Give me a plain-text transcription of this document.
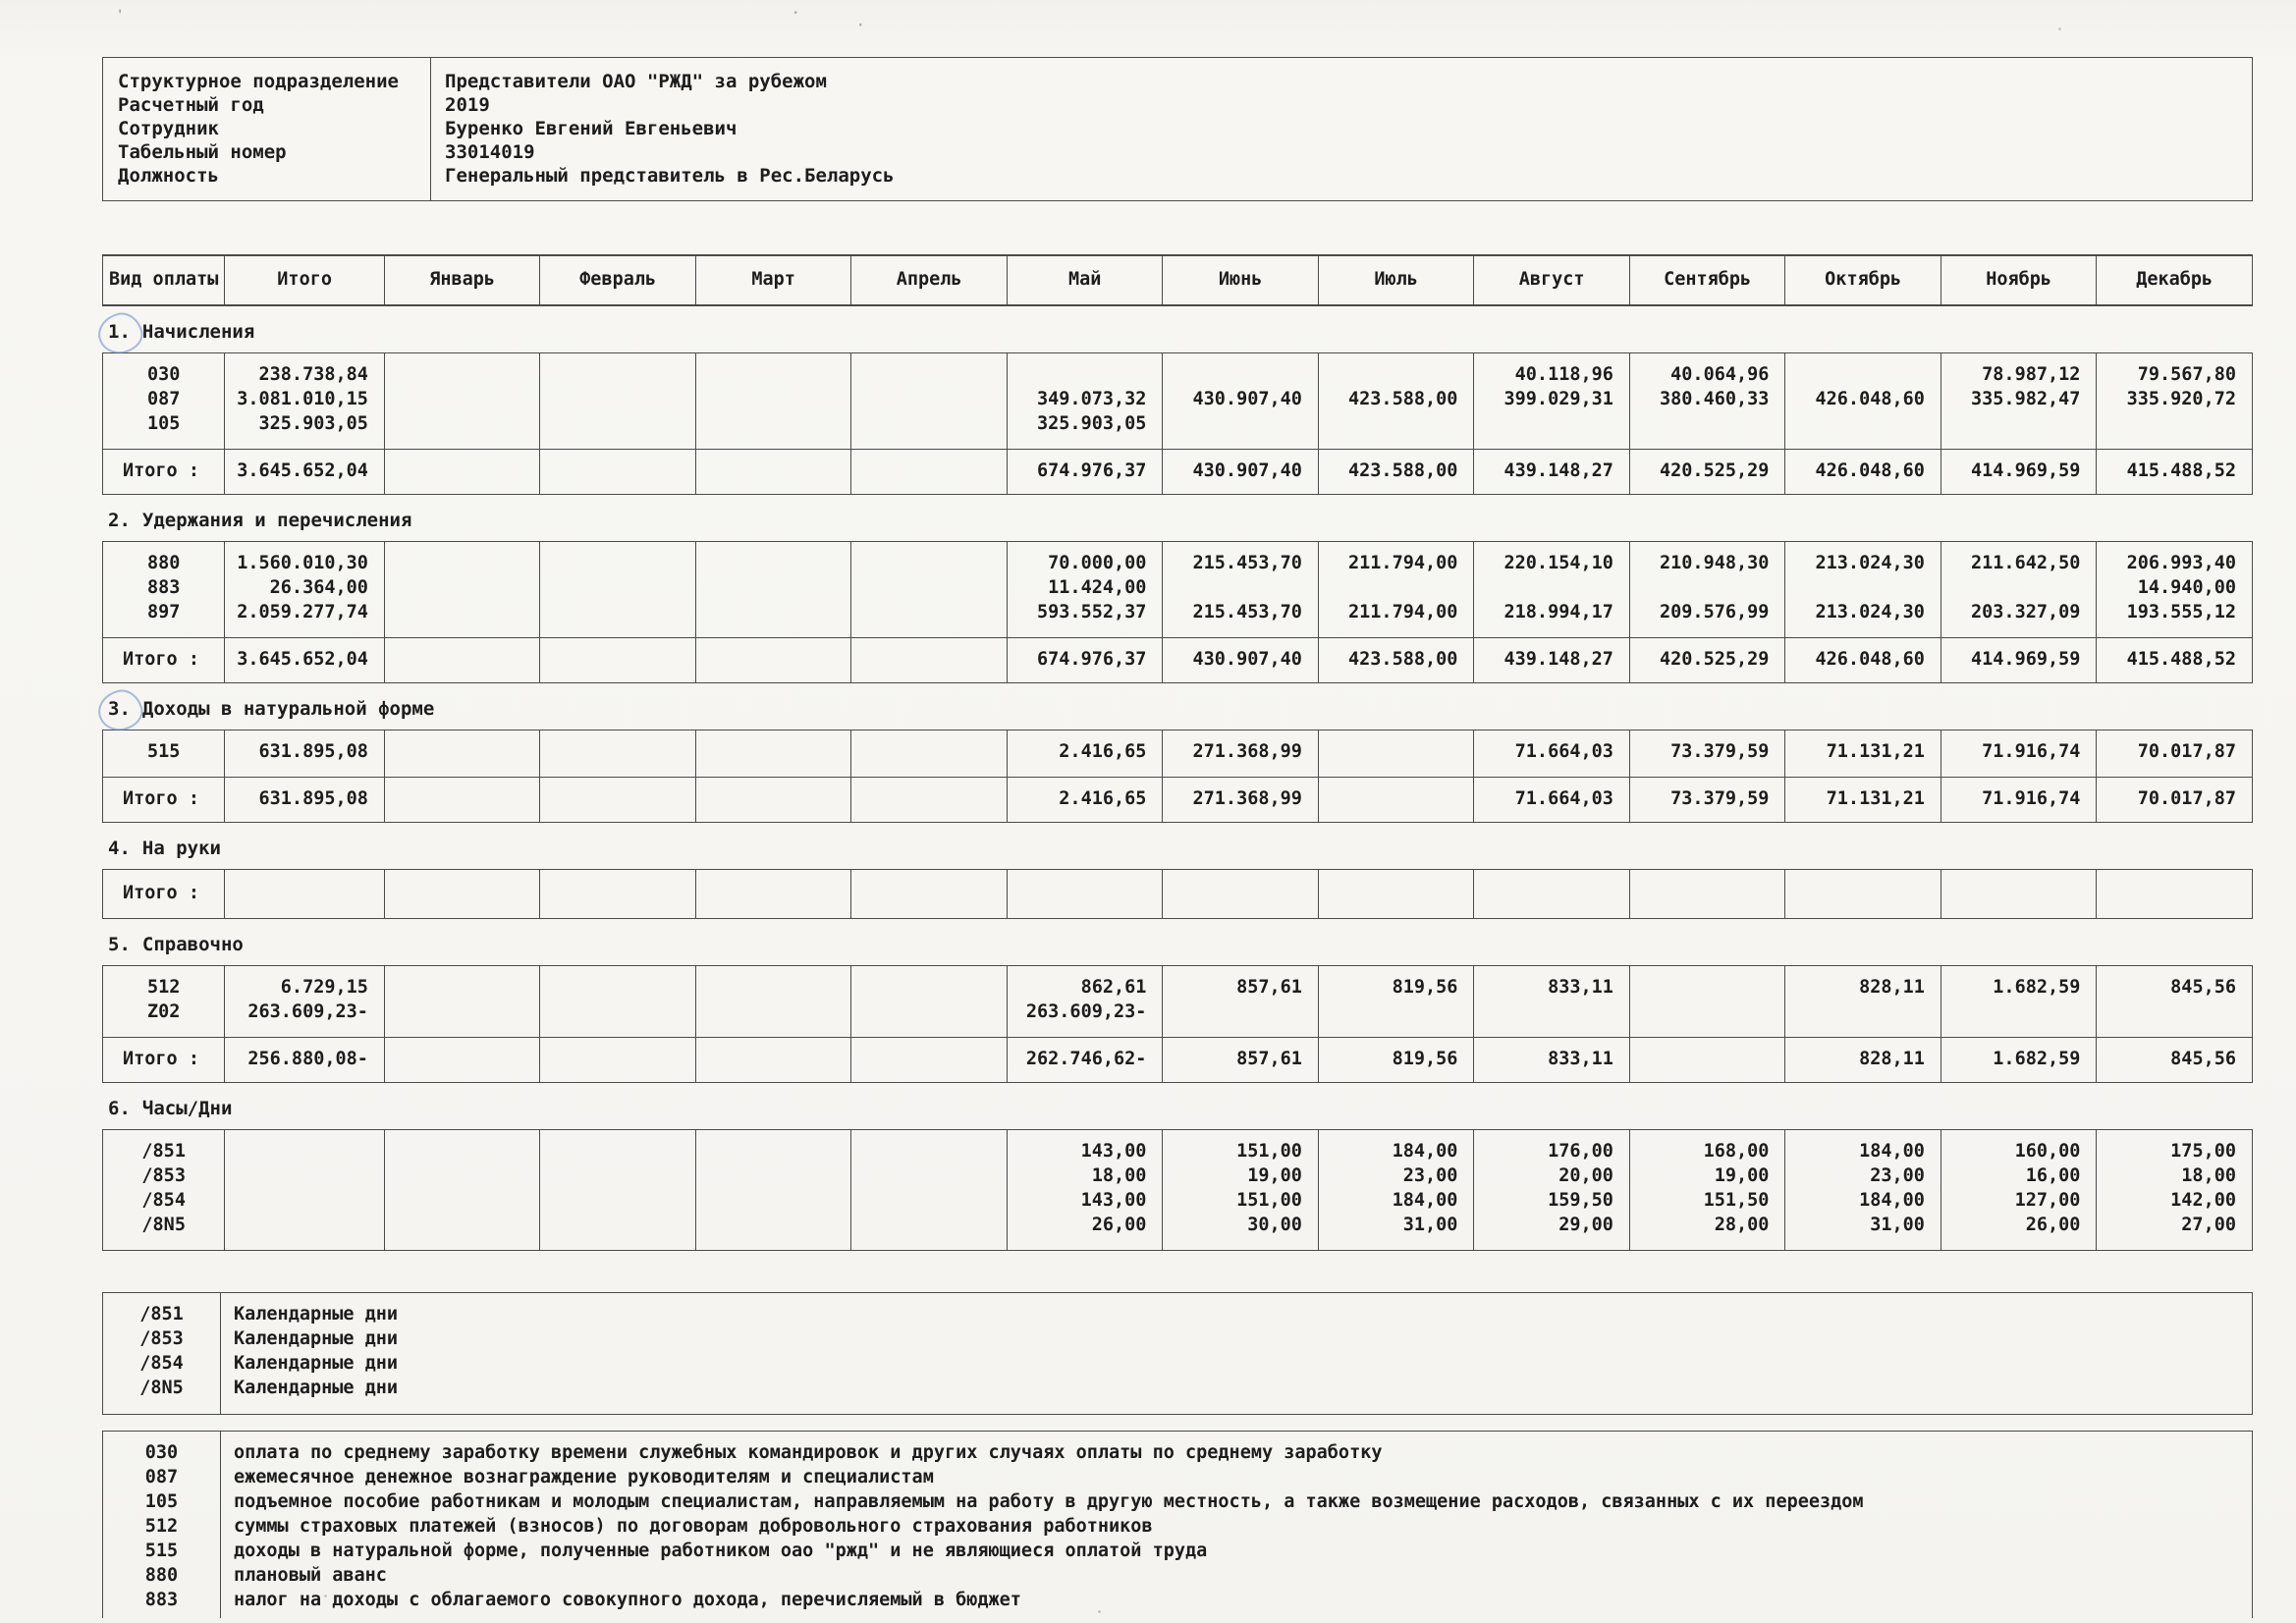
'	.
·
Структурное подразделение	Представители ОАО "РЖД" за рубежом
Расчетный год	2019
Сотрудник	Буренко Евгений Евгеньевич
Табельный номер	33014019
Должность	Генеральный представитель в Рес.Беларусь
Вид оплаты	Итого	Январь	Февраль	Март	Апрель	Май	Июнь	Июль	Август	Сентябрь	Октябрь	Ноябрь	Декабрь
1. Начисления
030	238.738,84								40.118,96	40.064,96		78.987,12	79.567,80
087	3.081.010,15					349.073,32	430.907,40	423.588,00	399.029,31	380.460,33	426.048,60	335.982,47	335.920,72
105	325.903,05					325.903,05							
Итого :	3.645.652,04					674.976,37	430.907,40	423.588,00	439.148,27	420.525,29	426.048,60	414.969,59	415.488,52
2. Удержания и перечисления
880	1.560.010,30					70.000,00	215.453,70	211.794,00	220.154,10	210.948,30	213.024,30	211.642,50	206.993,40
883	26.364,00					11.424,00							14.940,00
897	2.059.277,74					593.552,37	215.453,70	211.794,00	218.994,17	209.576,99	213.024,30	203.327,09	193.555,12
Итого :	3.645.652,04					674.976,37	430.907,40	423.588,00	439.148,27	420.525,29	426.048,60	414.969,59	415.488,52
3. Доходы в натуральной форме
515	631.895,08					2.416,65	271.368,99		71.664,03	73.379,59	71.131,21	71.916,74	70.017,87
Итого :	631.895,08					2.416,65	271.368,99		71.664,03	73.379,59	71.131,21	71.916,74	70.017,87
4. На руки
Итого :													
5. Справочно
512	6.729,15					862,61	857,61	819,56	833,11		828,11	1.682,59	845,56
Z02	263.609,23-					263.609,23-							
Итого :	256.880,08-					262.746,62-	857,61	819,56	833,11		828,11	1.682,59	845,56
6. Часы/Дни
/851						143,00	151,00	184,00	176,00	168,00	184,00	160,00	175,00
/853						18,00	19,00	23,00	20,00	19,00	23,00	16,00	18,00
/854						143,00	151,00	184,00	159,50	151,50	184,00	127,00	142,00
/8N5						26,00	30,00	31,00	29,00	28,00	31,00	26,00	27,00
/851	Календарные дни
/853	Календарные дни
/854	Календарные дни
/8N5	Календарные дни
030	оплата по среднему заработку времени служебных командировок и других случаях оплаты по среднему заработку
087	ежемесячное денежное вознаграждение руководителям и специалистам
105	подъемное пособие работникам и молодым специалистам, направляемым на работу в другую местность, а также возмещение расходов, связанных с их переездом
512	суммы страховых платежей (взносов) по договорам добровольного страхования работников
515	доходы в натуральной форме, полученные работником оао "ржд" и не являющиеся оплатой труда
880	плановый аванс
883	налог на доходы с облагаемого совокупного дохода, перечисляемый в бюджет
